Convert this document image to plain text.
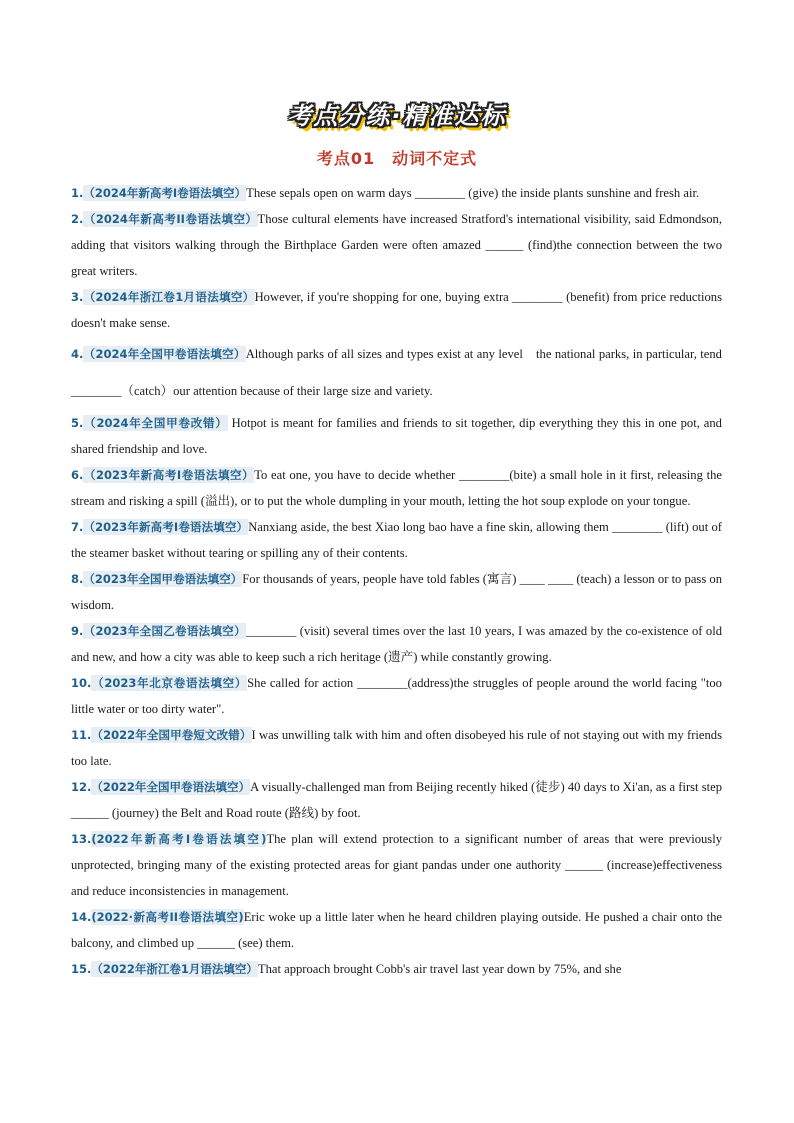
考点分练·精准达标
考点01　动词不定式

1.（2024年新高考I卷语法填空）These sepals open on warm days ________ (give) the inside plants sunshine and fresh air.

2.（2024年新高考II卷语法填空）Those cultural elements have increased Stratford's international visibility, said Edmondson, adding that visitors walking through the Birthplace Garden were often amazed ______ (find)the connection between the two great writers.

3.（2024年浙江卷1月语法填空）However, if you're shopping for one, buying extra ________ (benefit) from price reductions doesn't make sense.

4.（2024年全国甲卷语法填空）Although parks of all sizes and types exist at any level　the national parks, in particular, tend ________（catch）our attention because of their large size and variety.

5.（2024年全国甲卷改错） Hotpot is meant for families and friends to sit together, dip everything they this in one pot, and shared friendship and love.

6.（2023年新高考I卷语法填空）To eat one, you have to decide whether ________(bite) a small hole in it first, releasing the stream and risking a spill (溢出), or to put the whole dumpling in your mouth, letting the hot soup explode on your tongue.

7.（2023年新高考I卷语法填空）Nanxiang aside, the best Xiao long bao have a fine skin, allowing them ________ (lift) out of the steamer basket without tearing or spilling any of their contents.

8.（2023年全国甲卷语法填空）For thousands of years, people have told fables (寓言) ____ ____ (teach) a lesson or to pass on wisdom.

9.（2023年全国乙卷语法填空）________ (visit) several times over the last 10 years, I was amazed by the co-existence of old and new, and how a city was able to keep such a rich heritage (遗产) while constantly growing.

10.（2023年北京卷语法填空）She called for action ________(address)the struggles of people around the world facing "too little water or too dirty water".

11.（2022年全国甲卷短文改错）I was unwilling talk with him and often disobeyed his rule of not staying out with my friends too late.

12.（2022年全国甲卷语法填空）A visually-challenged man from Beijing recently hiked (徒步) 40 days to Xi'an, as a first step ______ (journey) the Belt and Road route (路线) by foot.

13.(2022年新高考I卷语法填空)The plan will extend protection to a significant number of areas that were previously unprotected, bringing many of the existing protected areas for giant pandas under one authority ______ (increase)effectiveness and reduce inconsistencies in management.

14.(2022·新高考II卷语法填空)Eric woke up a little later when he heard children playing outside. He pushed a chair onto the balcony, and climbed up ______ (see) them.

15.（2022年浙江卷1月语法填空）That approach brought Cobb's air travel last year down by 75%, and she
